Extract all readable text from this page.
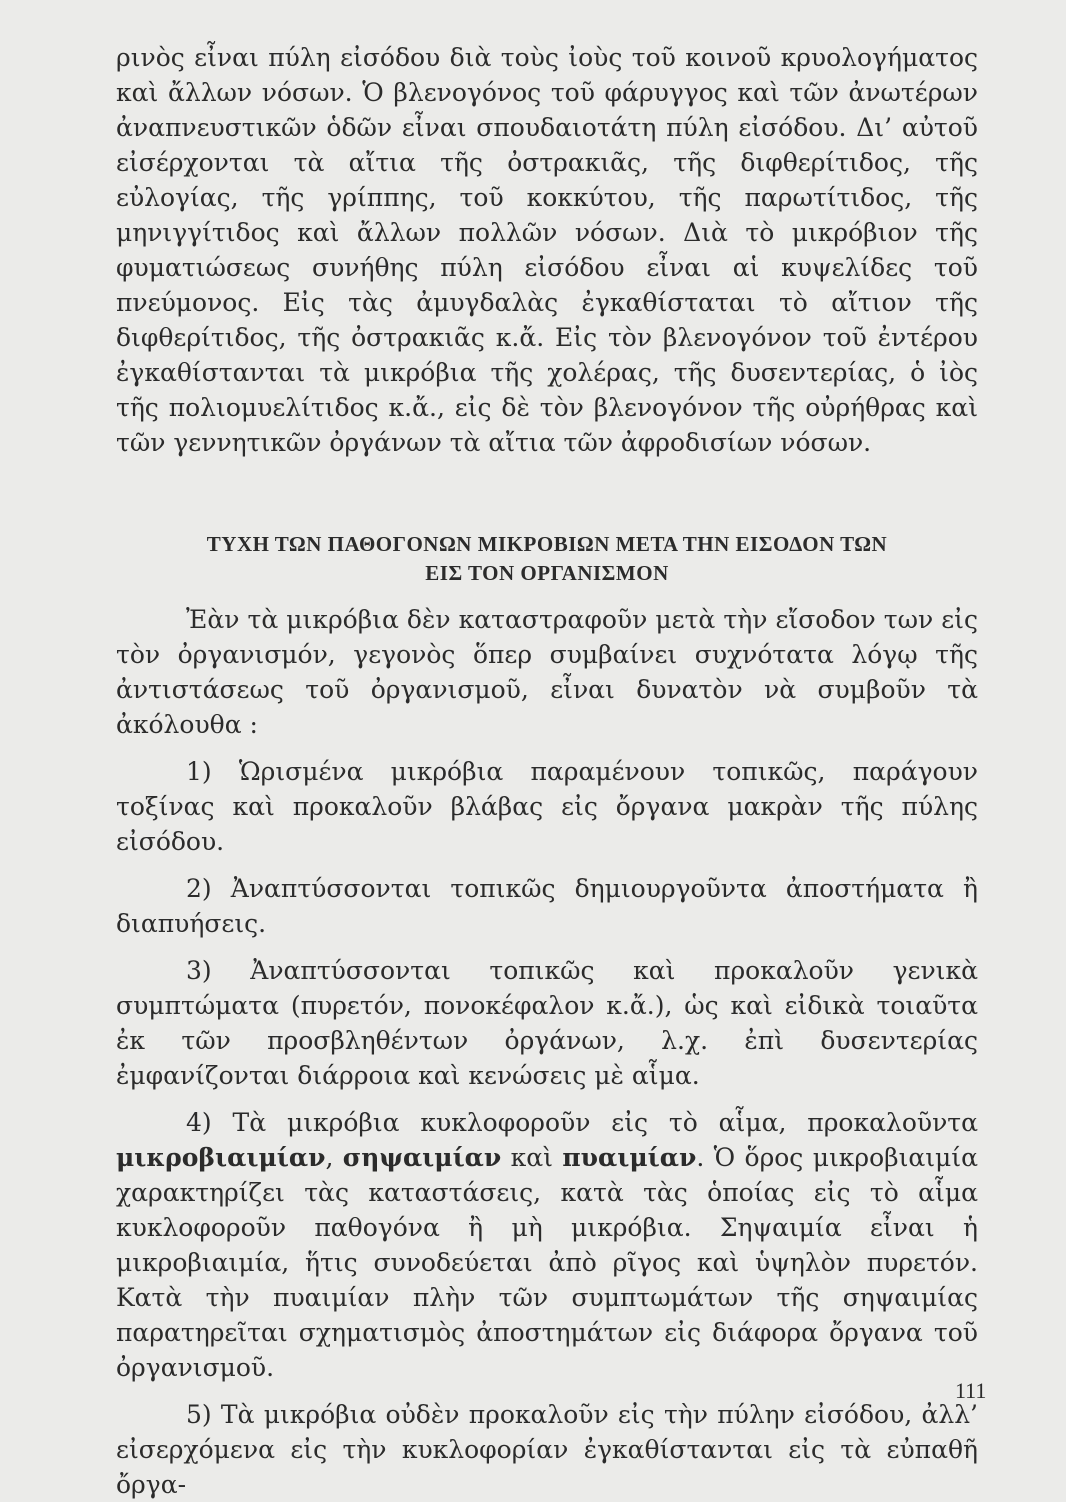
ρινὸς εἶναι πύλη εἰσόδου διὰ τοὺς ἰοὺς τοῦ κοινοῦ κρυολογήματος καὶ ἄλλων νόσων. Ὁ βλενογόνος τοῦ φάρυγγος καὶ τῶν ἀνωτέρων ἀναπνευστικῶν ὁδῶν εἶναι σπουδαιοτάτη πύλη εἰσόδου. Δι’ αὐτοῦ εἰσέρχονται τὰ αἴτια τῆς ὀστρακιᾶς, τῆς διφθερίτιδος, τῆς εὐλογίας, τῆς γρίππης, τοῦ κοκκύτου, τῆς παρωτίτιδος, τῆς μηνιγγίτιδος καὶ ἄλλων πολλῶν νόσων. Διὰ τὸ μικρόβιον τῆς φυματιώσεως συνήθης πύλη εἰσόδου εἶναι αἱ κυψελίδες τοῦ πνεύμονος. Εἰς τὰς ἀμυγδαλὰς ἐγκαθίσταται τὸ αἴτιον τῆς διφθερίτιδος, τῆς ὀστρακιᾶς κ.ἄ. Εἰς τὸν βλενογόνον τοῦ ἐντέρου ἐγκαθίστανται τὰ μικρόβια τῆς χολέρας, τῆς δυσεντερίας, ὁ ἰὸς τῆς πολιομυελίτιδος κ.ἄ., εἰς δὲ τὸν βλενογόνον τῆς οὐρήθρας καὶ τῶν γεννητικῶν ὀργάνων τὰ αἴτια τῶν ἀφροδισίων νόσων.

ΤΥΧΗ ΤΩΝ ΠΑΘΟΓΟΝΩΝ ΜΙΚΡΟΒΙΩΝ ΜΕΤΑ ΤΗΝ ΕΙΣΟΔΟΝ ΤΩΝ
ΕΙΣ ΤΟΝ ΟΡΓΑΝΙΣΜΟΝ

Ἐὰν τὰ μικρόβια δὲν καταστραφοῦν μετὰ τὴν εἴσοδον των εἰς τὸν ὀργανισμόν, γεγονὸς ὅπερ συμβαίνει συχνότατα λόγῳ τῆς ἀντιστάσεως τοῦ ὀργανισμοῦ, εἶναι δυνατὸν νὰ συμβοῦν τὰ ἀκόλουθα :

1) Ὡρισμένα μικρόβια παραμένουν τοπικῶς, παράγουν τοξίνας καὶ προκαλοῦν βλάβας εἰς ὄργανα μακρὰν τῆς πύλης εἰσόδου.

2) Ἀναπτύσσονται τοπικῶς δημιουργοῦντα ἀποστήματα ἢ διαπυήσεις.

3) Ἀναπτύσσονται τοπικῶς καὶ προκαλοῦν γενικὰ συμπτώματα (πυρετόν, πονοκέφαλον κ.ἄ.), ὡς καὶ εἰδικὰ τοιαῦτα ἐκ τῶν προσβληθέντων ὀργάνων, λ.χ. ἐπὶ δυσεντερίας ἐμφανίζονται διάρροια καὶ κενώσεις μὲ αἷμα.

4) Τὰ μικρόβια κυκλοφοροῦν εἰς τὸ αἷμα, προκαλοῦντα μικροβιαιμίαν, σηψαιμίαν καὶ πυαιμίαν. Ὁ ὅρος μικροβιαιμία χαρακτηρίζει τὰς καταστάσεις, κατὰ τὰς ὁποίας εἰς τὸ αἷμα κυκλοφοροῦν παθογόνα ἢ μὴ μικρόβια. Σηψαιμία εἶναι ἡ μικροβιαιμία, ἥτις συνοδεύεται ἀπὸ ρῖγος καὶ ὑψηλὸν πυρετόν. Κατὰ τὴν πυαιμίαν πλὴν τῶν συμπτωμάτων τῆς σηψαιμίας παρατηρεῖται σχηματισμὸς ἀποστημάτων εἰς διάφορα ὄργανα τοῦ ὀργανισμοῦ.

5) Τὰ μικρόβια οὐδὲν προκαλοῦν εἰς τὴν πύλην εἰσόδου, ἀλλ’ εἰσερχόμενα εἰς τὴν κυκλοφορίαν ἐγκαθίστανται εἰς τὰ εὐπαθῆ ὄργα-

111
